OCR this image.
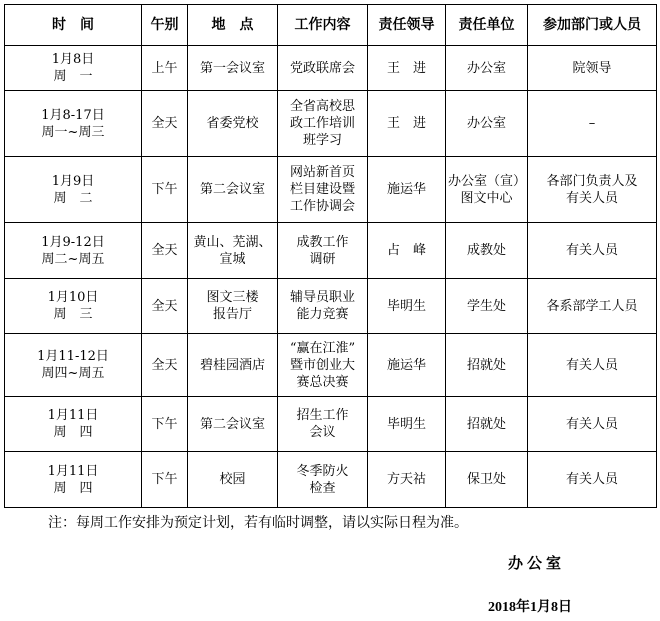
时　间	午别	地　点	工作内容	责任领导	责任单位	参加部门或人员

1月8日
周　一	上午	第一会议室	党政联席会	王　进	办公室	院领导

1月8-17日
周一~周三	全天	省委党校	全省高校思
政工作培训
班学习	王　进	办公室	–

1月9日
周　二	下午	第二会议室	网站新首页
栏目建设暨
工作协调会	施运华	办公室（宣）
图文中心	各部门负责人及
有关人员

1月9-12日
周二~周五	全天	黄山、芜湖、
宣城	成教工作
调研	占　峰	成教处	有关人员

1月10日
周　三	全天	图文三楼
报告厅	辅导员职业
能力竞赛	毕明生	学生处	各系部学工人员

1月11-12日
周四~周五	全天	碧桂园酒店	“赢在江淮”
暨市创业大
赛总决赛	施运华	招就处	有关人员

1月11日
周　四	下午	第二会议室	招生工作
会议	毕明生	招就处	有关人员

1月11日
周　四	下午	校园	冬季防火
检查	方天祜	保卫处	有关人员
注：每周工作安排为预定计划，若有临时调整，请以实际日程为准。
办公室
2018年1月8日
